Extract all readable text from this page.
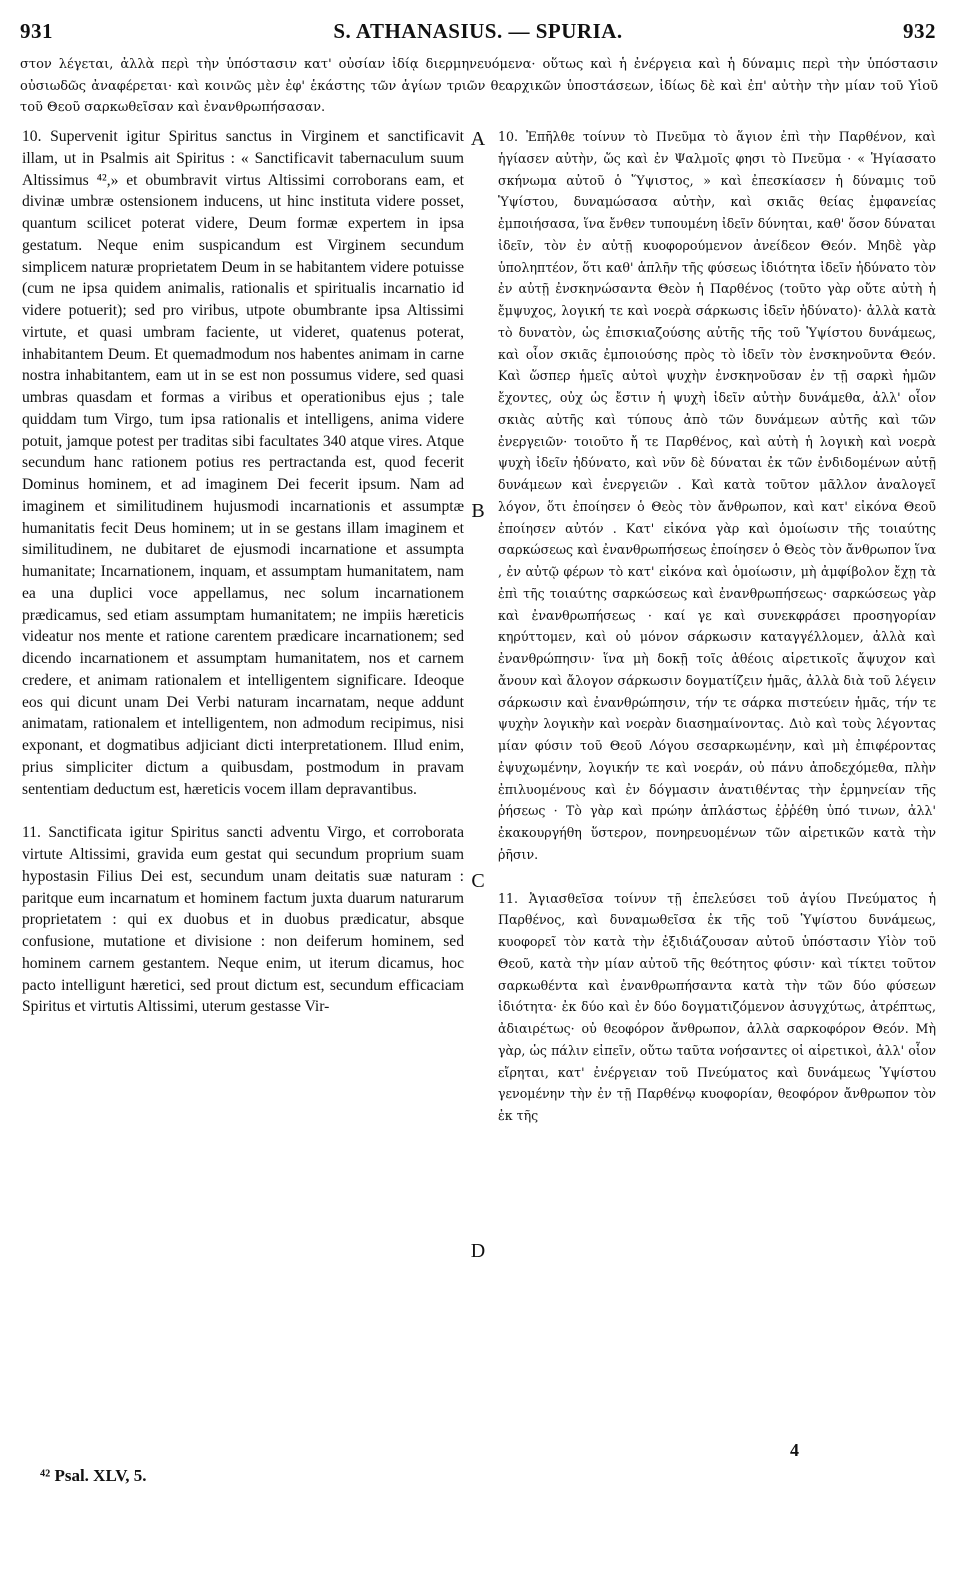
931	S. ATHANASIUS. — SPURIA.	932

στον λέγεται, ἀλλὰ περὶ τὴν ὑπόστασιν κατ' οὐσίαν ἰδίᾳ διερμηνευόμενα· οὕτως καὶ ἡ ἐνέργεια καὶ ἡ δύναμις περὶ τὴν ὑπόστασιν οὐσιωδῶς ἀναφέρεται· καὶ κοινῶς μὲν ἐφ' ἑκάστης τῶν ἁγίων τριῶν θεαρχικῶν ὑποστάσεων, ἰδίως δὲ καὶ ἐπ' αὐτὴν τὴν μίαν τοῦ Υἱοῦ τοῦ Θεοῦ σαρκωθεῖσαν καὶ ἐνανθρωπήσασαν.

10. Supervenit igitur Spiritus sanctus in Virginem et sanctificavit illam, ut in Psalmis ait Spiritus : « Sanctificavit tabernaculum suum Altissimus ⁴²,» et obumbravit virtus Altissimi corroborans eam, et divinæ umbræ ostensionem inducens, ut hinc instituta videre posset, quantum scilicet poterat videre, Deum formæ expertem in ipsa gestatum. Neque enim suspicandum est Virginem secundum simplicem naturæ proprietatem Deum in se habitantem videre potuisse (cum ne ipsa quidem animalis, rationalis et spiritualis incarnatio id videre potuerit); sed pro viribus, utpote obumbrante ipsa Altissimi virtute, et quasi umbram faciente, ut videret, quatenus poterat, inhabitantem Deum. Et quemadmodum nos habentes animam in carne nostra inhabitantem, eam ut in se est non possumus videre, sed quasi umbras quasdam et formas a viribus et operationibus ejus ; tale quiddam tum Virgo, tum ipsa rationalis et intelligens, anima videre potuit, jamque potest per traditas sibi facultates 340 atque vires. Atque secundum hanc rationem potius res pertractanda est, quod fecerit Dominus hominem, et ad imaginem Dei fecerit ipsum. Nam ad imaginem et similitudinem hujusmodi incarnationis et assumptæ humanitatis fecit Deus hominem; ut in se gestans illam imaginem et similitudinem, ne dubitaret de ejusmodi incarnatione et assumpta humanitate; Incarnationem, inquam, et assumptam humanitatem, nam ea una duplici voce appellamus, nec solum incarnationem prædicamus, sed etiam assumptam humanitatem; ne impiis hæreticis videatur nos mente et ratione carentem prædicare incarnationem; sed dicendo incarnationem et assumptam humanitatem, nos et carnem credere, et animam rationalem et intelligentem significare. Ideoque eos qui dicunt unam Dei Verbi naturam incarnatam, neque addunt animatam, rationalem et intelligentem, non admodum recipimus, nisi exponant, et dogmatibus adjiciant dicti interpretationem. Illud enim, prius simpliciter dictum a quibusdam, postmodum in pravam sententiam deductum est, hæreticis vocem illam depravantibus.

11. Sanctificata igitur Spiritus sancti adventu Virgo, et corroborata virtute Altissimi, gravida eum gestat qui secundum proprium suam hypostasin Filius Dei est, secundum unam deitatis suæ naturam : paritque eum incarnatum et hominem factum juxta duarum naturarum proprietatem : qui ex duobus et in duobus prædicatur, absque confusione, mutatione et divisione : non deiferum hominem, sed hominem carnem gestantem. Neque enim, ut iterum dicamus, hoc pacto intelligunt hæretici, sed prout dictum est, secundum efficaciam Spiritus et virtutis Altissimi, uterum gestasse Vir-

10. Ἐπῆλθε τοίνυν τὸ Πνεῦμα τὸ ἅγιον ἐπὶ τὴν Παρθένον, καὶ ἡγίασεν αὐτὴν, ὥς καὶ ἐν Ψαλμοῖς φησι τὸ Πνεῦμα · « Ἡγίασατο σκήνωμα αὐτοῦ ὁ Ὕψιστος, » καὶ ἐπεσκίασεν ἡ δύναμις τοῦ Ὑψίστου, δυναμώσασα αὐτὴν, καὶ σκιᾶς θείας ἐμφανείας ἐμποιήσασα, ἵνα ἔνθεν τυπουμένη ἰδεῖν δύνηται, καθ' ὅσον δύναται ἰδεῖν, τὸν ἐν αὐτῇ κυοφορούμενον ἀνείδεον Θεόν. Μηδὲ γὰρ ὑποληπτέον, ὅτι καθ' ἁπλῆν τῆς φύσεως ἰδιότητα ἰδεῖν ἠδύνατο τὸν ἐν αὐτῇ ἐνσκηνώσαντα Θεὸν ἡ Παρθένος (τοῦτο γὰρ οὔτε αὐτὴ ἡ ἔμψυχος, λογική τε καὶ νοερὰ σάρκωσις ἰδεῖν ἠδύνατο)· ἀλλὰ κατὰ τὸ δυνατὸν, ὡς ἐπισκιαζούσης αὐτῆς τῆς τοῦ Ὑψίστου δυνάμεως, καὶ οἷον σκιᾶς ἐμποιούσης πρὸς τὸ ἰδεῖν τὸν ἐνσκηνοῦντα Θεόν. Καὶ ὥσπερ ἡμεῖς αὐτοὶ ψυχὴν ἐνσκηνοῦσαν ἐν τῇ σαρκὶ ἡμῶν ἔχοντες, οὐχ ὡς ἔστιν ἡ ψυχὴ ἰδεῖν αὐτὴν δυνάμεθα, ἀλλ' οἷον σκιὰς αὐτῆς καὶ τύπους ἀπὸ τῶν δυνάμεων αὐτῆς καὶ τῶν ἐνεργειῶν· τοιοῦτο ἤ τε Παρθένος, καὶ αὐτὴ ἡ λογικὴ καὶ νοερὰ ψυχὴ ἰδεῖν ἠδύνατο, καὶ νῦν δὲ δύναται ἐκ τῶν ἐνδιδομένων αὐτῇ δυνάμεων καὶ ἐνεργειῶν . Καὶ κατὰ τοῦτον μᾶλλον ἀναλογεῖ λόγον, ὅτι ἐποίησεν ὁ Θεὸς τὸν ἄνθρωπον, καὶ κατ' εἰκόνα Θεοῦ ἐποίησεν αὐτόν . Κατ' εἰκόνα γὰρ καὶ ὁμοίωσιν τῆς τοιαύτης σαρκώσεως καὶ ἐνανθρωπήσεως ἐποίησεν ὁ Θεὸς τὸν ἄνθρωπον ἵνα , ἐν αὐτῷ φέρων τὸ κατ' εἰκόνα καὶ ὁμοίωσιν, μὴ ἀμφίβολον ἔχῃ τὰ ἐπὶ τῆς τοιαύτης σαρκώσεως καὶ ἐνανθρωπήσεως· σαρκώσεως γὰρ καὶ ἐνανθρωπήσεως · καί γε καὶ συνεκφράσει προσηγορίαν κηρύττομεν, καὶ οὐ μόνον σάρκωσιν καταγγέλλομεν, ἀλλὰ καὶ ἐνανθρώπησιν· ἵνα μὴ δοκῇ τοῖς ἀθέοις αἱρετικοῖς ἄψυχον καὶ ἄνουν καὶ ἄλογον σάρκωσιν δογματίζειν ἡμᾶς, ἀλλὰ διὰ τοῦ λέγειν σάρκωσιν καὶ ἐνανθρώπησιν, τήν τε σάρκα πιστεύειν ἡμᾶς, τήν τε ψυχὴν λογικὴν καὶ νοερὰν διασημαίνοντας. Διὸ καὶ τοὺς λέγοντας μίαν φύσιν τοῦ Θεοῦ Λόγου σεσαρκωμένην, καὶ μὴ ἐπιφέροντας ἐψυχωμένην, λογικήν τε καὶ νοεράν, οὐ πάνυ ἀποδεχόμεθα, πλὴν ἐπιλυομένους καὶ ἐν δόγμασιν ἀνατιθέντας τὴν ἑρμηνείαν τῆς ῥήσεως · Τὸ γὰρ καὶ πρώην ἁπλάστως ἐῤῥέθη ὑπό τινων, ἀλλ' ἐκακουργήθη ὕστερον, πονηρευομένων τῶν αἱρετικῶν κατὰ τὴν ῥῆσιν.

11. Ἁγιασθεῖσα τοίνυν τῇ ἐπελεύσει τοῦ ἁγίου Πνεύματος ἡ Παρθένος, καὶ δυναμωθεῖσα ἐκ τῆς τοῦ Ὑψίστου δυνάμεως, κυοφορεῖ τὸν κατὰ τὴν ἐξιδιάζουσαν αὐτοῦ ὑπόστασιν Υἱὸν τοῦ Θεοῦ, κατὰ τὴν μίαν αὐτοῦ τῆς θεότητος φύσιν· καὶ τίκτει τοῦτον σαρκωθέντα καὶ ἐνανθρωπήσαντα κατὰ τὴν τῶν δύο φύσεων ἰδιότητα· ἐκ δύο καὶ ἐν δύο δογματιζόμενον ἀσυγχύτως, ἀτρέπτως, ἀδιαιρέτως· οὐ θεοφόρον ἄνθρωπον, ἀλλὰ σαρκοφόρον Θεόν. Μὴ γὰρ, ὡς πάλιν εἰπεῖν, οὕτω ταῦτα νοήσαντες οἱ αἱρετικοὶ, ἀλλ' οἷον εἴρηται, κατ' ἐνέργειαν τοῦ Πνεύματος καὶ δυνάμεως Ὑψίστου γενομένην τὴν ἐν τῇ Παρθένῳ κυοφορίαν, θεοφόρον ἄνθρωπον τὸν ἐκ τῆς

A
B
C
D
4
⁴² Psal. XLV, 5.
